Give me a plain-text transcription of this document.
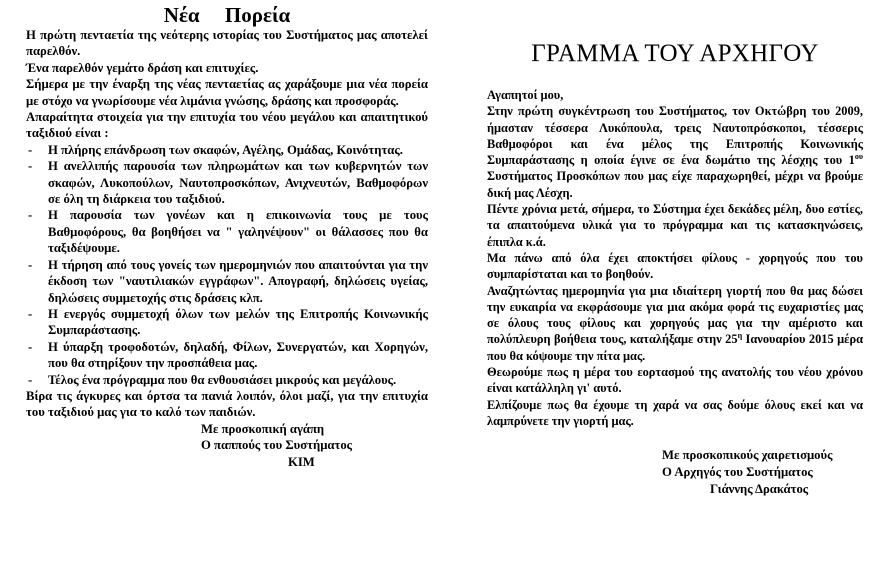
Νέα Πορεία

Η πρώτη πενταετία της νεότερης ιστορίας του Συστήματος μας αποτελεί παρελθόν.

Ένα παρελθόν γεμάτο δράση και επιτυχίες.

Σήμερα με την έναρξη της νέας πενταετίας ας χαράξουμε μια νέα πορεία με στόχο να γνωρίσουμε νέα λιμάνια γνώσης, δράσης και προσφοράς.

Απαραίτητα στοιχεία για την επιτυχία του νέου μεγάλου και απαιτητικού ταξιδιού είναι :

- Η πλήρης επάνδρωση των σκαφών, Αγέλης, Ομάδας, Κοινότητας.
- Η ανελλιπής παρουσία των πληρωμάτων και των κυβερνητών των σκαφών, Λυκοπούλων, Ναυτοπροσκόπων, Ανιχνευτών, Βαθμοφόρων σε όλη τη διάρκεια του ταξιδιού.
- Η παρουσία των γονέων και η επικοινωνία τους με τους Βαθμοφόρους, θα βοηθήσει να " γαληνέψουν" οι θάλασσες που θα ταξιδέψουμε.
- Η τήρηση από τους γονείς των ημερομηνιών που απαιτούνται για την έκδοση των "ναυτιλιακών εγγράφων". Απογραφή, δηλώσεις υγείας, δηλώσεις συμμετοχής στις δράσεις κλπ.
- Η ενεργός συμμετοχή όλων των μελών της Επιτροπής Κοινωνικής Συμπαράστασης.
- Η ύπαρξη τροφοδοτών, δηλαδή, Φίλων, Συνεργατών, και Χορηγών, που θα στηρίξουν την προσπάθεια μας.
- Τέλος ένα πρόγραμμα που θα ενθουσιάσει μικρούς και μεγάλους.

Βίρα τις άγκυρες και όρτσα τα πανιά λοιπόν, όλοι μαζί, για την επιτυχία του ταξιδιού μας για το καλό των παιδιών.

Με προσκοπική αγάπη
Ο παππούς του Συστήματος
ΚΙΜ
ΓΡΑΜΜΑ ΤΟΥ ΑΡΧΗΓΟΥ

Αγαπητοί μου,

Στην πρώτη συγκέντρωση του Συστήματος, τον Οκτώβρη του 2009, ήμασταν τέσσερα Λυκόπουλα, τρεις Ναυτοπρόσκοποι, τέσσερις Βαθμοφόροι και ένα μέλος της Επιτροπής Κοινωνικής Συμπαράστασης η οποία έγινε σε ένα δωμάτιο της λέσχης του $1^{o\upsilon}$ Συστήματος Προσκόπων που μας είχε παραχωρηθεί, μέχρι να βρούμε δική μας Λέσχη.

Πέντε χρόνια μετά, σήμερα, το Σύστημα έχει δεκάδες μέλη, δυο εστίες, τα απαιτούμενα υλικά για το πρόγραμμα και τις κατασκηνώσεις, έπιπλα κ.ά.

Μα πάνω από όλα έχει αποκτήσει φίλους - χορηγούς που του συμπαρίσταται και το βοηθούν.

Αναζητώντας ημερομηνία για μια ιδιαίτερη γιορτή που θα μας δώσει την ευκαιρία να εκφράσουμε για μια ακόμα φορά τις ευχαριστίες μας σε όλους τους φίλους και χορηγούς μας για την αμέριστο και πολύπλευρη βοήθεια τους, καταλήξαμε στην $25^\eta$ Ιανουαρίου 2015 μέρα που θα κόψουμε την πίτα μας.

Θεωρούμε πως η μέρα του εορτασμού της ανατολής του νέου χρόνου είναι κατάλληλη γι' αυτό.

Ελπίζουμε πως θα έχουμε τη χαρά να σας δούμε όλους εκεί και να λαμπρύνετε την γιορτή μας.

Με προσκοπικούς χαιρετισμούς
Ο Αρχηγός του Συστήματος
Γιάννης Δρακάτος
